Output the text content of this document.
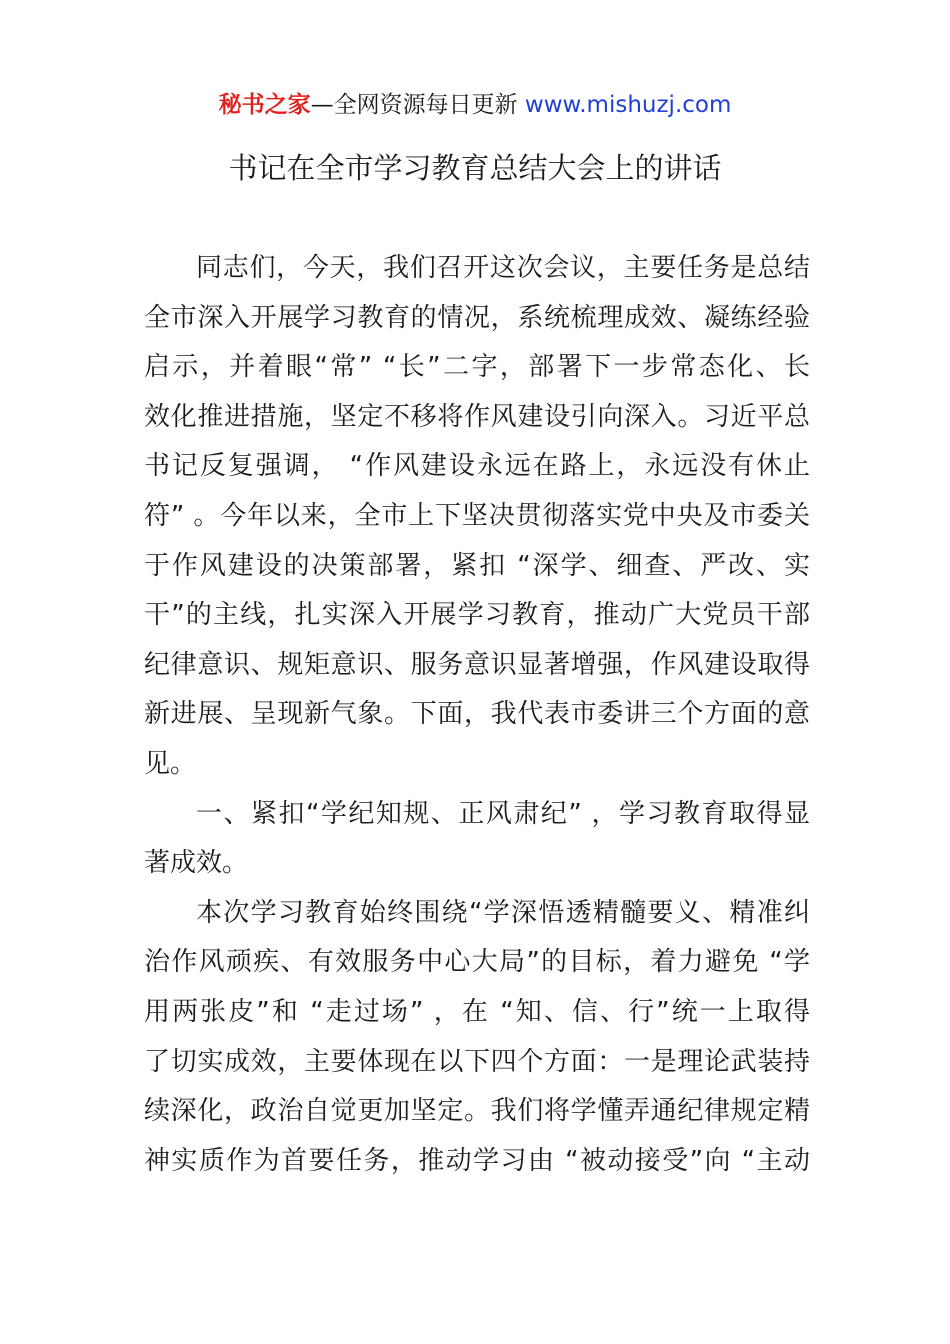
秘书之家—全网资源每日更新 www.mishuzj.com
书记在全市学习教育总结大会上的讲话
同志们，今天，我们召开这次会议，主要任务是总结
全市深入开展学习教育的情况，系统梳理成效、凝练经验
启示，并着眼“常” “长”二字，部署下一步常态化、长
效化推进措施，坚定不移将作风建设引向深入。习近平总
书记反复强调， “作风建设永远在路上，永远没有休止
符” 。今年以来，全市上下坚决贯彻落实党中央及市委关
于作风建设的决策部署，紧扣 “深学、细查、严改、实
干”的主线，扎实深入开展学习教育，推动广大党员干部
纪律意识、规矩意识、服务意识显著增强，作风建设取得
新进展、呈现新气象。下面，我代表市委讲三个方面的意
见。
一、紧扣“学纪知规、正风肃纪” ，学习教育取得显
著成效。
本次学习教育始终围绕“学深悟透精髓要义、精准纠
治作风顽疾、有效服务中心大局”的目标，着力避免 “学
用两张皮”和 “走过场” ，在 “知、信、行”统一上取得
了切实成效，主要体现在以下四个方面：一是理论武装持
续深化，政治自觉更加坚定。我们将学懂弄通纪律规定精
神实质作为首要任务，推动学习由 “被动接受”向 “主动
